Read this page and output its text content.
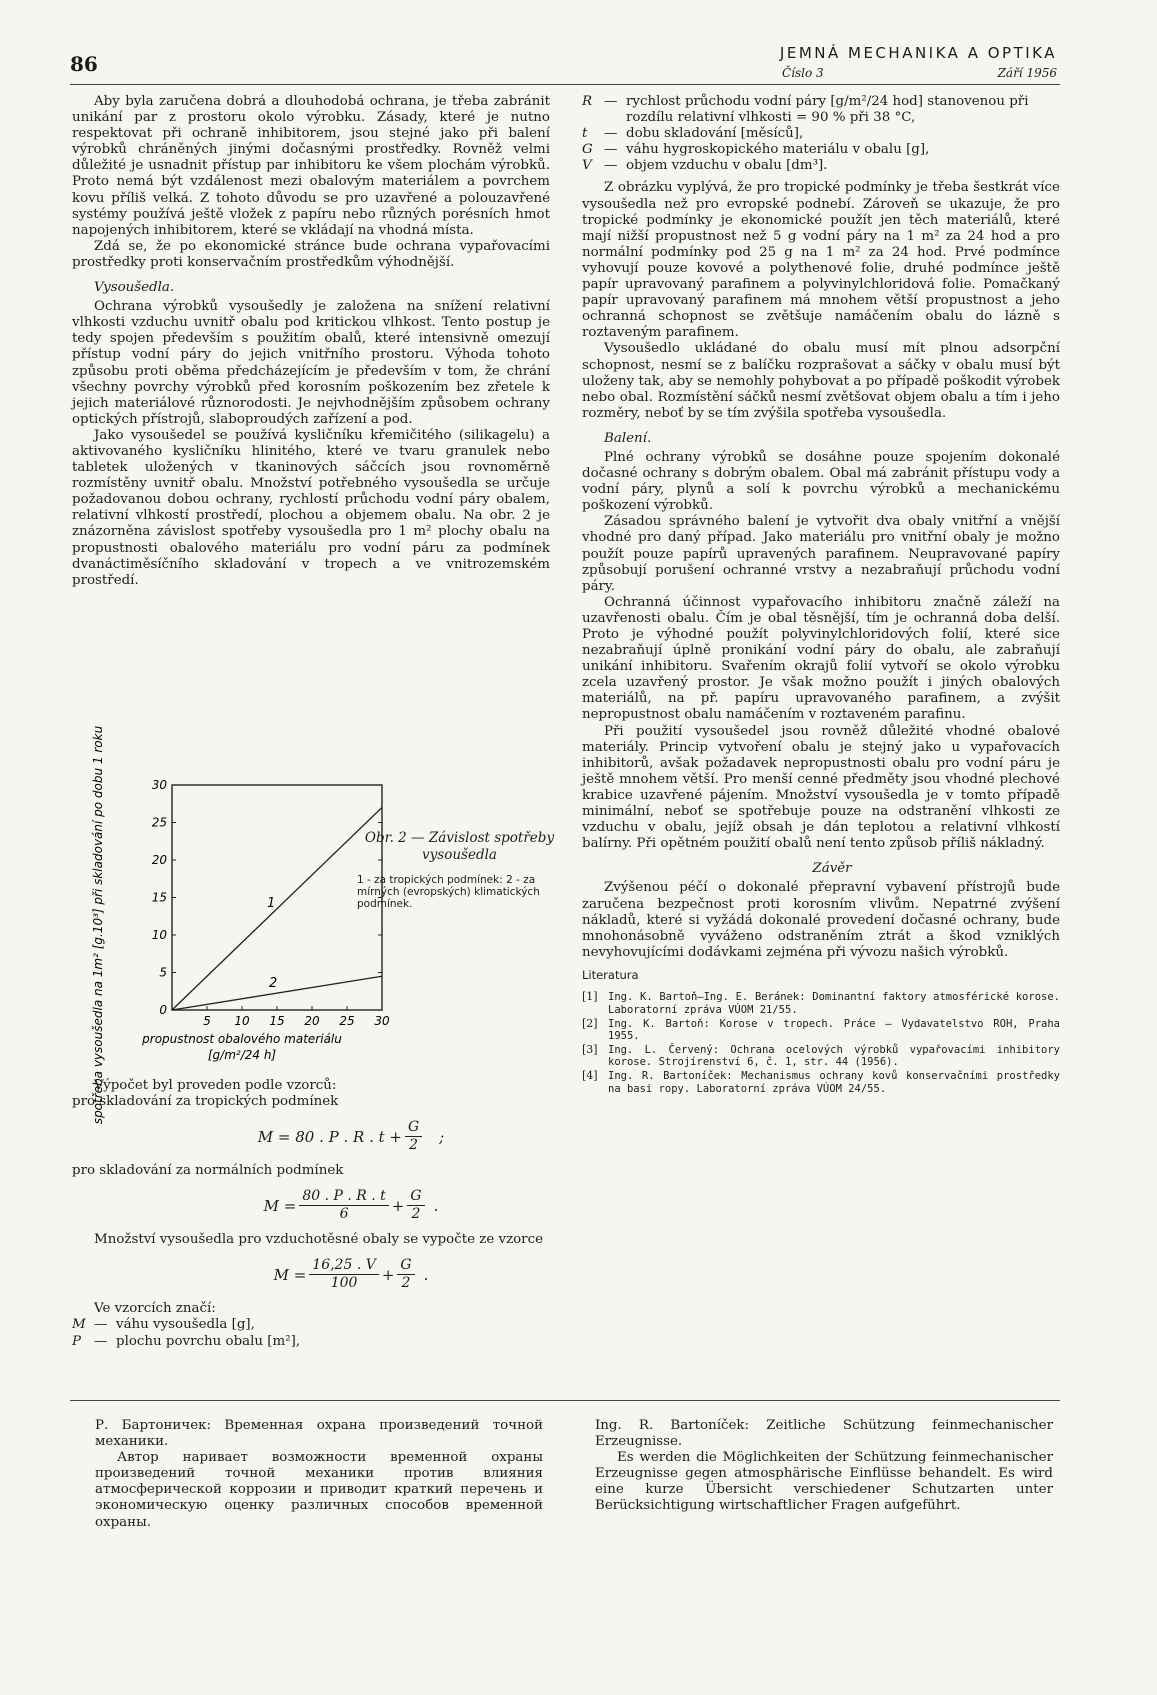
86	JEMNÁ MECHANIKA A OPTIKA
Číslo 3	Září 1956

Aby byla zaručena dobrá a dlouhodobá ochrana, je třeba zabránit unikání par z prostoru okolo výrobku. Zásady, které je nutno respektovat při ochraně inhibitorem, jsou stejné jako při balení výrobků chráněných jinými dočasnými prostředky. Rovněž velmi důležité je usnadnit přístup par inhibitoru ke všem plochám výrobků. Proto nemá být vzdálenost mezi obalovým materiálem a povrchem kovu příliš velká. Z tohoto důvodu se pro uzavřené a polouzavřené systémy používá ještě vložek z papíru nebo různých porésních hmot napojených inhibitorem, které se vkládají na vhodná místa.

Zdá se, že po ekonomické stránce bude ochrana vypařovacími prostředky proti konservačním prostředkům výhodnější.

Vysoušedla.

Ochrana výrobků vysoušedly je založena na snížení relativní vlhkosti vzduchu uvnitř obalu pod kritickou vlhkost. Tento postup je tedy spojen především s použitím obalů, které intensivně omezují přístup vodní páry do jejich vnitřního prostoru. Výhoda tohoto způsobu proti oběma předcházejícím je především v tom, že chrání všechny povrchy výrobků před korosním poškozením bez zřetele k jejich materiálové různorodosti. Je nejvhodnějším způsobem ochrany optických přístrojů, slaboproudých zařízení a pod.

Jako vysoušedel se používá kysličníku křemičitého (silikagelu) a aktivovaného kysličníku hlinitého, které ve tvaru granulek nebo tabletek uložených v tkaninových sáčcích jsou rovnoměrně rozmístěny uvnitř obalu. Množství potřebného vysoušedla se určuje požadovanou dobou ochrany, rychlostí průchodu vodní páry obalem, relativní vlhkostí prostředí, plochou a objemem obalu. Na obr. 2 je znázorněna závislost spotřeby vysoušedla pro 1 m² plochy obalu na propustnosti obalového materiálu pro vodní páru za podmínek dvanáctiměsíčního skladování v tropech a ve vnitrozemském prostředí.

spotřeba vysoušedla na 1m² [g.10³] při skladování po dobu 1 roku	5 10 15 20 25 30
0
5
10
15
20
25
30
1
2
propustnost obalového materiálu
[g/m²/24 h]
Obr. 2 — Závislost spotřeby vysoušedla
1 - za tropických podmínek: 2 - za mírných (evropských) klimatických podmínek.

Výpočet byl proveden podle vzorců:

pro skladování za tropických podmínek

M = 80 . P . R . $t + \frac{G}{2}$ ;

pro skladování za normálních podmínek

$M = \frac{80 . P . R . t}{6} + \frac{G}{2}$ .

Množství vysoušedla pro vzduchotěsné obaly se vypočte ze vzorce

$M = \frac{16,25 . V}{100} + \frac{G}{2}$ .

Ve vzorcích značí:

M — váhu vysoušedla [g],
P — plochu povrchu obalu [m²],
R — rychlost průchodu vodní páry [g/m²/24 hod] stanovenou při rozdílu relativní vlhkosti = 90 % při 38 °C,
t	— dobu skladování [měsíců],
G — váhu hygroskopického materiálu v obalu [g],
V — objem vzduchu v obalu [dm³].

Z obrázku vyplývá, že pro tropické podmínky je třeba šestkrát více vysoušedla než pro evropské podnebí. Zároveň se ukazuje, že pro tropické podmínky je ekonomické použít jen těch materiálů, které mají nižší propustnost než 5 g vodní páry na 1 m² za 24 hod a pro normální podmínky pod 25 g na 1 m² za 24 hod. Prvé podmínce vyhovují pouze kovové a polythenové folie, druhé podmínce ještě papír upravovaný parafinem a polyvinylchloridová folie. Pomačkaný papír upravovaný parafinem má mnohem větší propustnost a jeho ochranná schopnost se zvětšuje namáčením obalu do lázně s roztaveným parafinem.

Vysoušedlo ukládané do obalu musí mít plnou adsorpční schopnost, nesmí se z balíčku rozprašovat a sáčky v obalu musí být uloženy tak, aby se nemohly pohybovat a po případě poškodit výrobek nebo obal. Rozmístění sáčků nesmí zvětšovat objem obalu a tím i jeho rozměry, neboť by se tím zvýšila spotřeba vysoušedla.

Balení.

Plné ochrany výrobků se dosáhne pouze spojením dokonalé dočasné ochrany s dobrým obalem. Obal má zabránit přístupu vody a vodní páry, plynů a solí k povrchu výrobků a mechanickému poškození výrobků.

Zásadou správného balení je vytvořit dva obaly vnitřní a vnější vhodné pro daný případ. Jako materiálu pro vnitřní obaly je možno použít pouze papírů upravených parafinem. Neupravované papíry způsobují porušení ochranné vrstvy a nezabraňují průchodu vodní páry.

Ochranná účinnost vypařovacího inhibitoru značně záleží na uzavřenosti obalu. Čím je obal těsnější, tím je ochranná doba delší. Proto je výhodné použít polyvinylchloridových folií, které sice nezabraňují úplně pronikání vodní páry do obalu, ale zabraňují unikání inhibitoru. Svařením okrajů folií vytvoří se okolo výrobku zcela uzavřený prostor. Je však možno použít i jiných obalových materiálů, na př. papíru upravovaného parafinem, a zvýšit nepropustnost obalu namáčením v roztaveném parafinu.

Při použití vysoušedel jsou rovněž důležité vhodné obalové materiály. Princip vytvoření obalu je stejný jako u vypařovacích inhibitorů, avšak požadavek nepropustnosti obalu pro vodní páru je ještě mnohem větší. Pro menší cenné předměty jsou vhodné plechové krabice uzavřené pájením. Množství vysoušedla je v tomto případě minimální, neboť se spotřebuje pouze na odstranění vlhkosti ze vzduchu v obalu, jejíž obsah je dán teplotou a relativní vlhkostí balírny. Při opětném použití obalů není tento způsob příliš nákladný.

Závěr

Zvýšenou péčí o dokonalé přepravní vybavení přístrojů bude zaručena bezpečnost proti korosním vlivům. Nepatrné zvýšení nákladů, které si vyžádá dokonalé provedení dočasné ochrany, bude mnohonásobně vyváženo odstraněním ztrát a škod vzniklých nevyhovujícími dodávkami zejména při vývozu našich výrobků.

Literatura
[1] Ing. K. Bartoň—Ing. E. Beránek: Dominantní faktory atmosférické korose. Laboratorní zpráva VÚOM 21/55.
[2] Ing. K. Bartoň: Korose v tropech. Práce — Vydavatelstvo ROH, Praha 1955.
[3] Ing. L. Červený: Ochrana ocelových výrobků vypařovacími inhibitory korose. Strojírenství 6, č. 1, str. 44 (1956).
[4] Ing. R. Bartoníček: Mechanismus ochrany kovů konservačními prostředky na basi ropy. Laboratorní zpráva VÚOM 24/55.

Р. Бартоничек: Временная охрана произведений точной механики.

Автор нариваeт возможности временной охраны произведений точной механики против влияния атмосферической коррозии и приводит краткий перечень и экономическую оценку различных способов временной охраны.

Ing. R. Bartoníček: Zeitliche Schützung feinmechanischer Erzeugnisse.

Es werden die Möglichkeiten der Schützung feinmechanischer Erzeugnisse gegen atmosphärische Einflüsse behandelt. Es wird eine kurze Übersicht verschiedener Schutzarten unter Berücksichtigung wirtschaftlicher Fragen aufgeführt.
